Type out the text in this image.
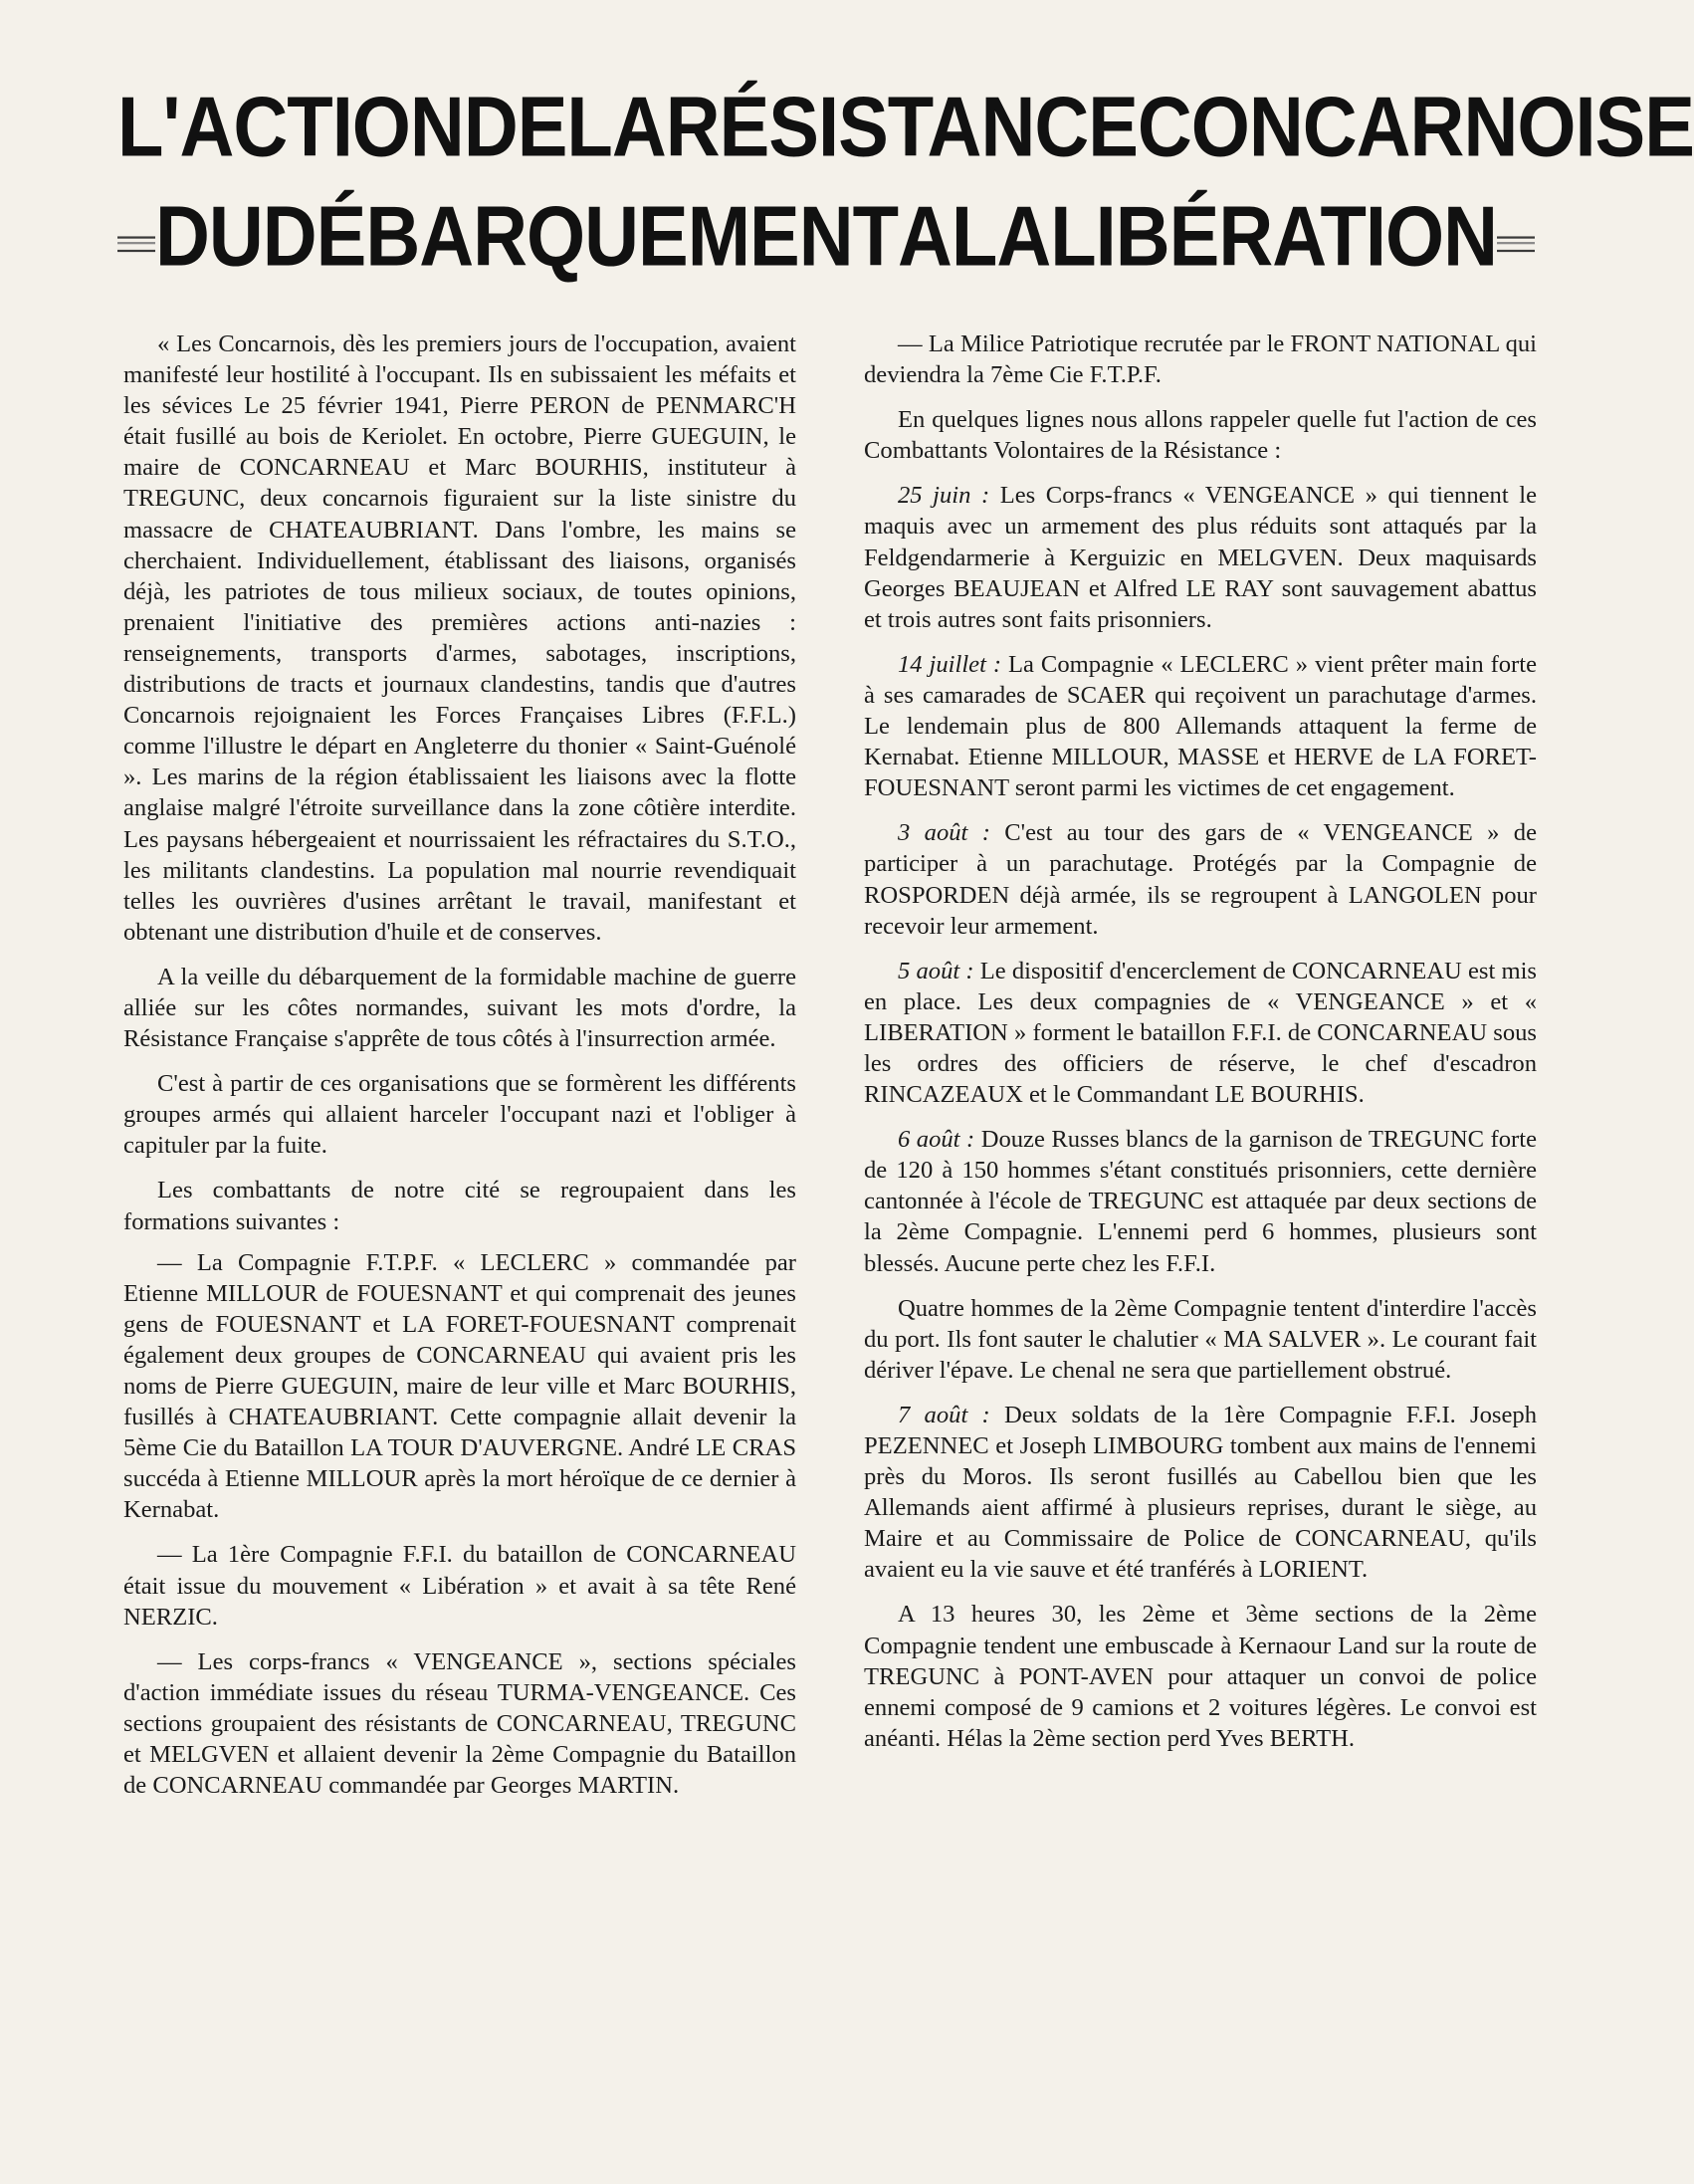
L'ACTION DE LA RÉSISTANCE CONCARNOISE
DU DÉBARQUEMENT A LA LIBÉRATION

« Les Concarnois, dès les premiers jours de l'occupation, avaient manifesté leur hostilité à l'occupant. Ils en subissaient les méfaits et les sévices Le 25 février 1941, Pierre PERON de PENMARC'H était fusillé au bois de Keriolet. En octobre, Pierre GUEGUIN, le maire de CONCARNEAU et Marc BOURHIS, instituteur à TREGUNC, deux concarnois figuraient sur la liste sinistre du massacre de CHATEAUBRIANT. Dans l'ombre, les mains se cherchaient. Individuellement, établissant des liaisons, organisés déjà, les patriotes de tous milieux sociaux, de toutes opinions, prenaient l'initiative des premières actions anti-nazies : renseignements, transports d'armes, sabotages, inscriptions, distributions de tracts et journaux clandestins, tandis que d'autres Concarnois rejoignaient les Forces Françaises Libres (F.F.L.) comme l'illustre le départ en Angleterre du thonier « Saint-Guénolé ». Les marins de la région établissaient les liaisons avec la flotte anglaise malgré l'étroite surveillance dans la zone côtière interdite. Les paysans hébergeaient et nourrissaient les réfractaires du S.T.O., les militants clandestins. La population mal nourrie revendiquait telles les ouvrières d'usines arrêtant le travail, manifestant et obtenant une distribution d'huile et de conserves.

A la veille du débarquement de la formidable machine de guerre alliée sur les côtes normandes, suivant les mots d'ordre, la Résistance Française s'apprête de tous côtés à l'insurrection armée.

C'est à partir de ces organisations que se formèrent les différents groupes armés qui allaient harceler l'occupant nazi et l'obliger à capituler par la fuite.

Les combattants de notre cité se regroupaient dans les formations suivantes :

— La Compagnie F.T.P.F. « LECLERC » commandée par Etienne MILLOUR de FOUESNANT et qui comprenait des jeunes gens de FOUESNANT et LA FORET-FOUESNANT comprenait également deux groupes de CONCARNEAU qui avaient pris les noms de Pierre GUEGUIN, maire de leur ville et Marc BOURHIS, fusillés à CHATEAUBRIANT. Cette compagnie allait devenir la 5ème Cie du Bataillon LA TOUR D'AUVERGNE. André LE CRAS succéda à Etienne MILLOUR après la mort héroïque de ce dernier à Kernabat.

— La 1ère Compagnie F.F.I. du bataillon de CONCARNEAU était issue du mouvement « Libération » et avait à sa tête René NERZIC.

— Les corps-francs « VENGEANCE », sections spéciales d'action immédiate issues du réseau TURMA-VENGEANCE. Ces sections groupaient des résistants de CONCARNEAU, TREGUNC et MELGVEN et allaient devenir la 2ème Compagnie du Bataillon de CONCARNEAU commandée par Georges MARTIN.

— La Milice Patriotique recrutée par le FRONT NATIONAL qui deviendra la 7ème Cie F.T.P.F.

En quelques lignes nous allons rappeler quelle fut l'action de ces Combattants Volontaires de la Résistance :

25 juin : Les Corps-francs « VENGEANCE » qui tiennent le maquis avec un armement des plus réduits sont attaqués par la Feldgendarmerie à Kerguizic en MELGVEN. Deux maquisards Georges BEAUJEAN et Alfred LE RAY sont sauvagement abattus et trois autres sont faits prisonniers.

14 juillet : La Compagnie « LECLERC » vient prêter main forte à ses camarades de SCAER qui reçoivent un parachutage d'armes. Le lendemain plus de 800 Allemands attaquent la ferme de Kernabat. Etienne MILLOUR, MASSE et HERVE de LA FORET-FOUESNANT seront parmi les victimes de cet engagement.

3 août : C'est au tour des gars de « VENGEANCE » de participer à un parachutage. Protégés par la Compagnie de ROSPORDEN déjà armée, ils se regroupent à LANGOLEN pour recevoir leur armement.

5 août : Le dispositif d'encerclement de CONCARNEAU est mis en place. Les deux compagnies de « VENGEANCE » et « LIBERATION » forment le bataillon F.F.I. de CONCARNEAU sous les ordres des officiers de réserve, le chef d'escadron RINCAZEAUX et le Commandant LE BOURHIS.

6 août : Douze Russes blancs de la garnison de TREGUNC forte de 120 à 150 hommes s'étant constitués prisonniers, cette dernière cantonnée à l'école de TREGUNC est attaquée par deux sections de la 2ème Compagnie. L'ennemi perd 6 hommes, plusieurs sont blessés. Aucune perte chez les F.F.I.

Quatre hommes de la 2ème Compagnie tentent d'interdire l'accès du port. Ils font sauter le chalutier « MA SALVER ». Le courant fait dériver l'épave. Le chenal ne sera que partiellement obstrué.

7 août : Deux soldats de la 1ère Compagnie F.F.I. Joseph PEZENNEC et Joseph LIMBOURG tombent aux mains de l'ennemi près du Moros. Ils seront fusillés au Cabellou bien que les Allemands aient affirmé à plusieurs reprises, durant le siège, au Maire et au Commissaire de Police de CONCARNEAU, qu'ils avaient eu la vie sauve et été tranférés à LORIENT.

A 13 heures 30, les 2ème et 3ème sections de la 2ème Compagnie tendent une embuscade à Kernaour Land sur la route de TREGUNC à PONT-AVEN pour attaquer un convoi de police ennemi composé de 9 camions et 2 voitures légères. Le convoi est anéanti. Hélas la 2ème section perd Yves BERTH.
